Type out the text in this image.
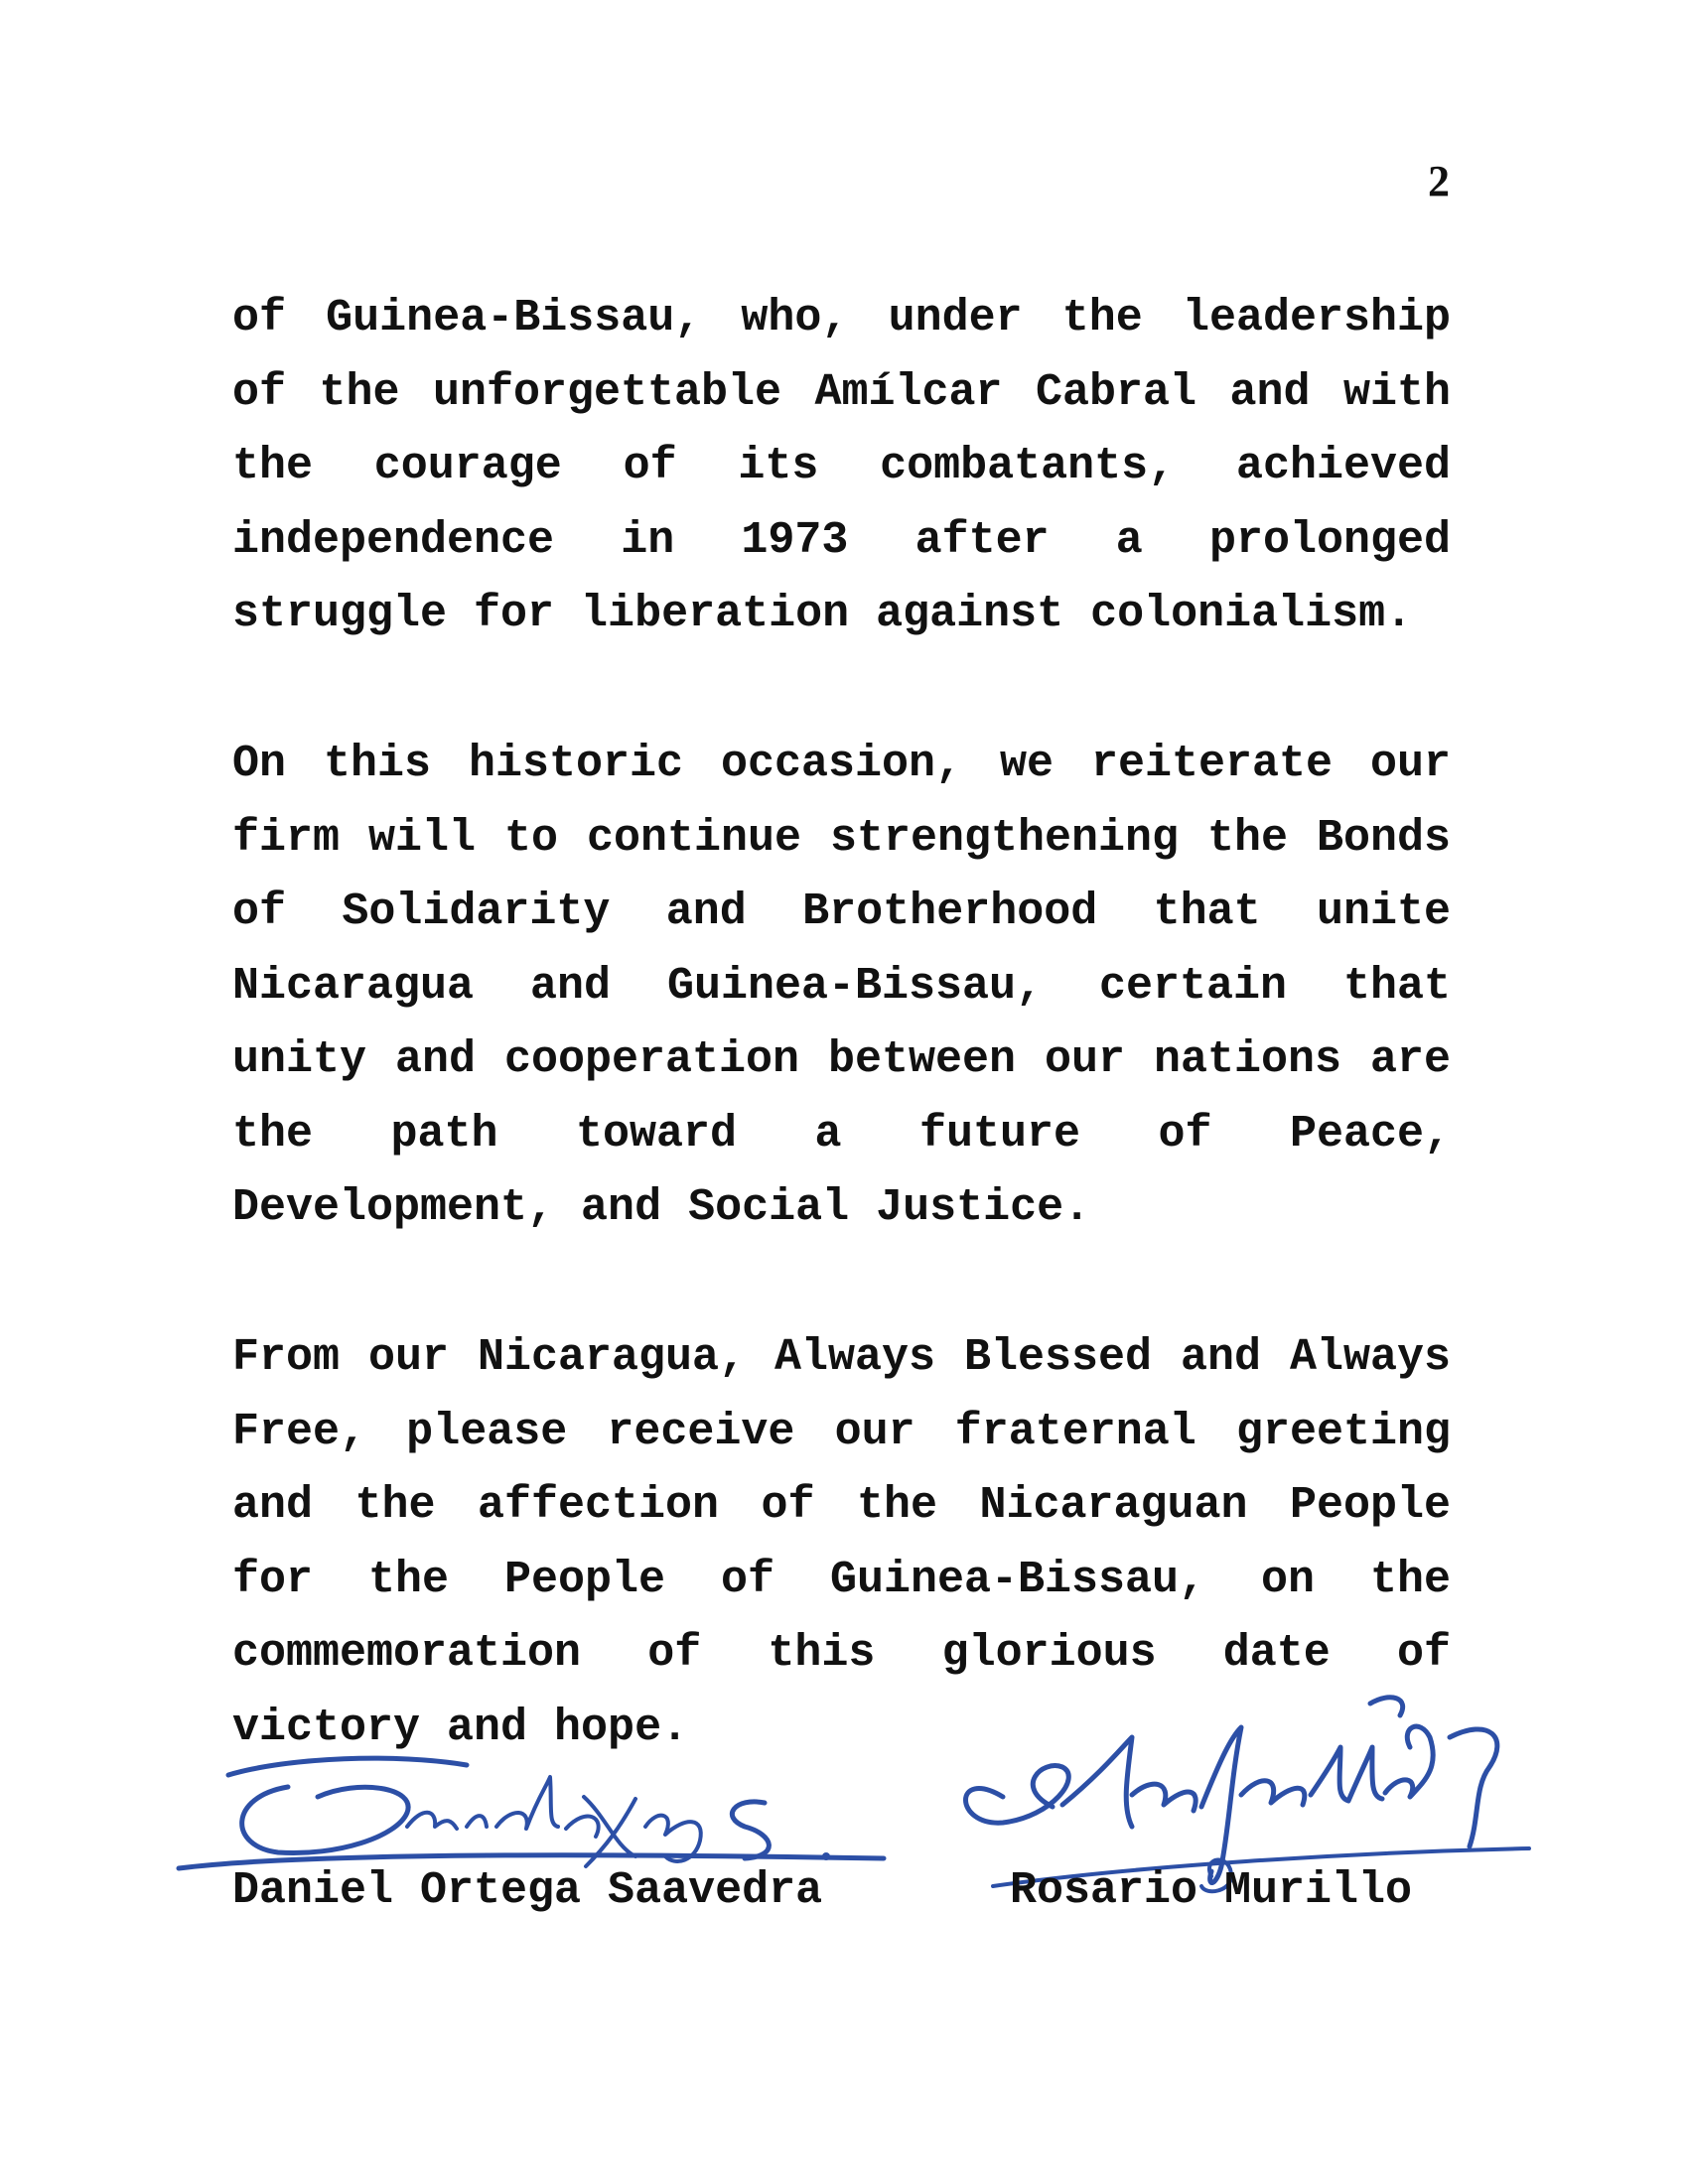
2

of Guinea-Bissau, who, under the leadership of the unforgettable Amílcar Cabral and with the courage of its combatants, achieved independence in 1973 after a prolonged struggle for liberation against colonialism.

On this historic occasion, we reiterate our firm will to continue strengthening the Bonds of Solidarity and Brotherhood that unite Nicaragua and Guinea-Bissau, certain that unity and cooperation between our nations are the path toward a future of Peace, Development, and Social Justice.

From our Nicaragua, Always Blessed and Always Free, please receive our fraternal greeting and the affection of the Nicaraguan People for the People of Guinea-Bissau, on the commemoration of this glorious date of victory and hope.

Daniel Ortega Saavedra	Rosario Murillo
